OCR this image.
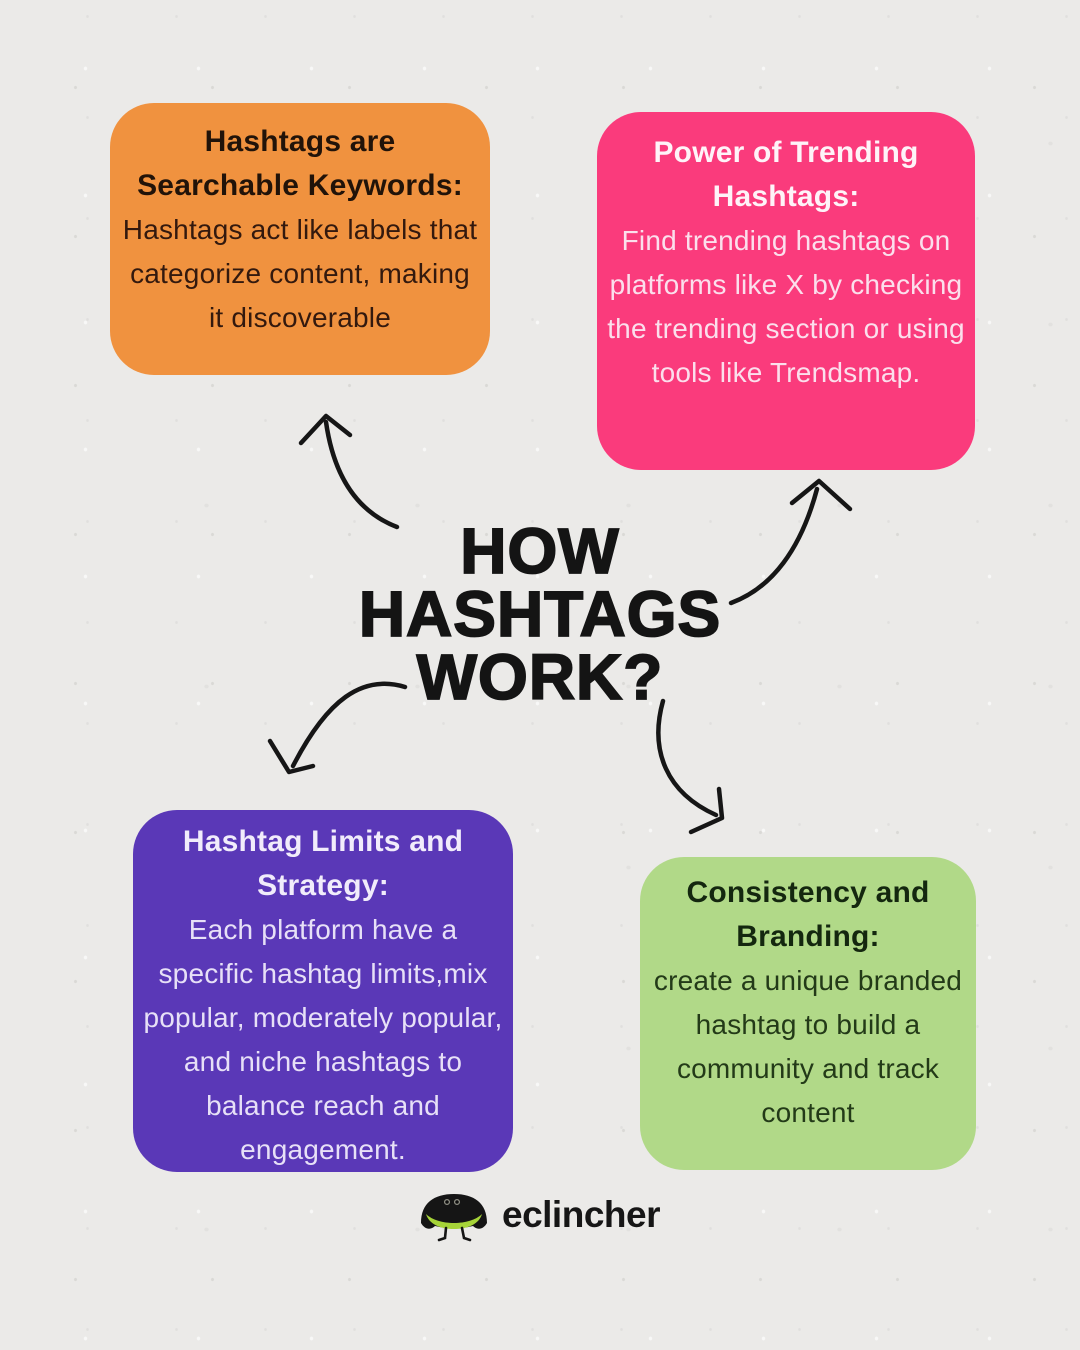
Hashtags are Searchable Keywords:
Hashtags act like labels that categorize content, making it discoverable
Power of Trending Hashtags:
Find trending hashtags on platforms like X by checking the trending section or using tools like Trendsmap.
HOW
HASHTAGS
WORK?
Hashtag Limits and Strategy:
Each platform have a specific hashtag limits,mix popular, moderately popular, and niche hashtags to balance reach and engagement.
Consistency and Branding:
create a unique branded hashtag to build a community and track content
eclincher
